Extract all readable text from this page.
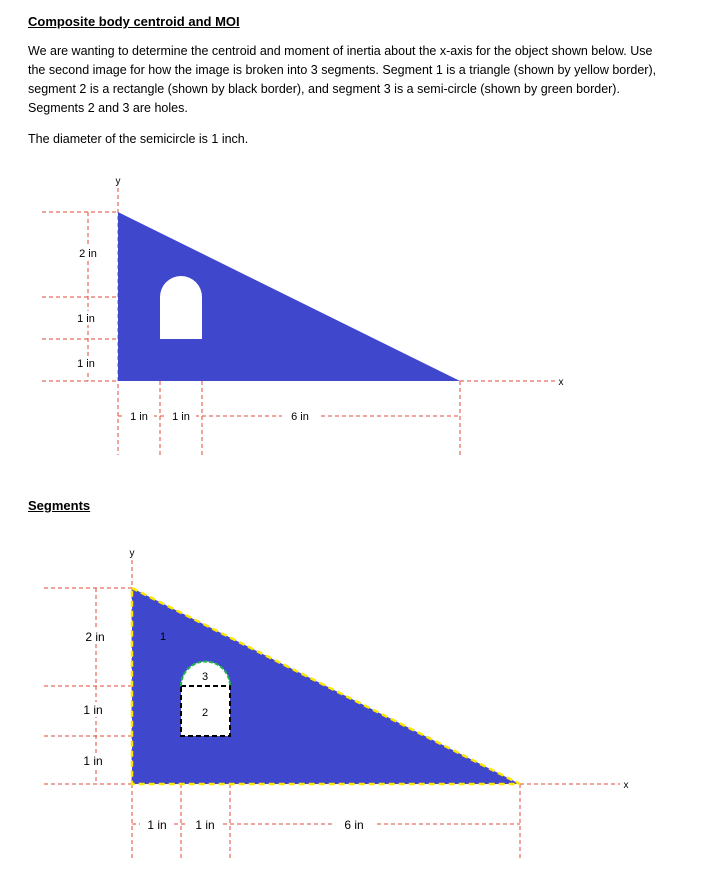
Composite body centroid and MOI
We are wanting to determine the centroid and moment of inertia about the x-axis for the object shown below. Use the second image for how the image is broken into 3 segments. Segment 1 is a triangle (shown by yellow border), segment 2 is a rectangle (shown by black border), and segment 3 is a semi-circle (shown by green border). Segments 2 and 3 are holes.
The diameter of the semicircle is 1 inch.
Segments
2 in
1 in
1 in
y
x
1 in 1 in	6 in
1
2
3
2 in
1 in
1 in
y
x
1 in 1 in	6 in
